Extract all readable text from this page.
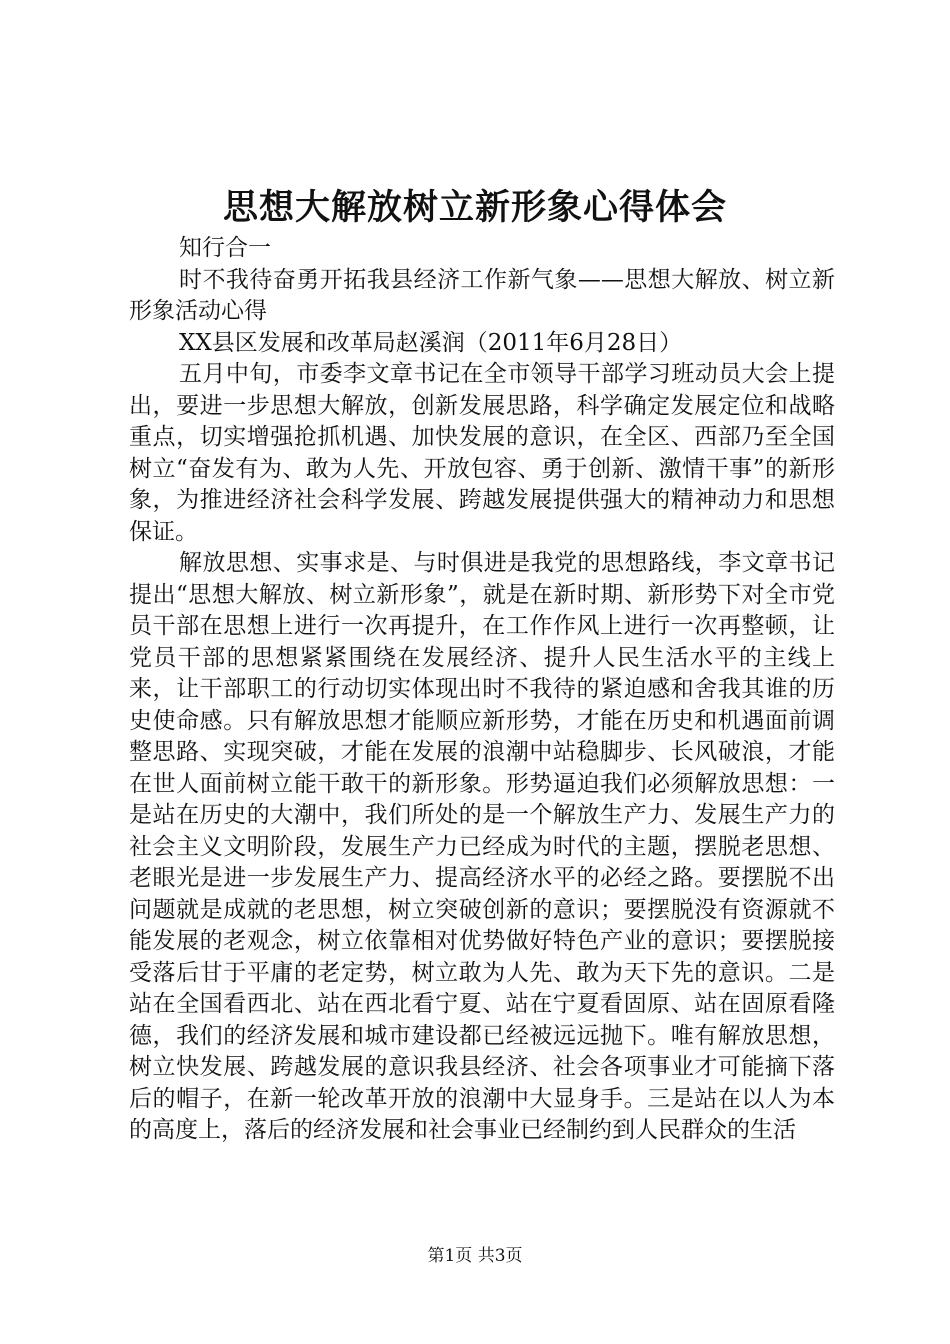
思想大解放树立新形象心得体会

知行合一

时不我待奋勇开拓我县经济工作新气象——思想大解放、树立新形象活动心得

XX县区发展和改革局赵溪润（2011年6月28日）

五月中旬，市委李文章书记在全市领导干部学习班动员大会上提出，要进一步思想大解放，创新发展思路，科学确定发展定位和战略重点，切实增强抢抓机遇、加快发展的意识，在全区、西部乃至全国树立“奋发有为、敢为人先、开放包容、勇于创新、激情干事”的新形象，为推进经济社会科学发展、跨越发展提供强大的精神动力和思想保证。

解放思想、实事求是、与时俱进是我党的思想路线，李文章书记提出“思想大解放、树立新形象”，就是在新时期、新形势下对全市党员干部在思想上进行一次再提升，在工作作风上进行一次再整顿，让党员干部的思想紧紧围绕在发展经济、提升人民生活水平的主线上来，让干部职工的行动切实体现出时不我待的紧迫感和舍我其谁的历史使命感。只有解放思想才能顺应新形势，才能在历史和机遇面前调整思路、实现突破，才能在发展的浪潮中站稳脚步、长风破浪，才能在世人面前树立能干敢干的新形象。形势逼迫我们必须解放思想：一是站在历史的大潮中，我们所处的是一个解放生产力、发展生产力的社会主义文明阶段，发展生产力已经成为时代的主题，摆脱老思想、老眼光是进一步发展生产力、提高经济水平的必经之路。要摆脱不出问题就是成就的老思想，树立突破创新的意识；要摆脱没有资源就不能发展的老观念，树立依靠相对优势做好特色产业的意识；要摆脱接受落后甘于平庸的老定势，树立敢为人先、敢为天下先的意识。二是站在全国看西北、站在西北看宁夏、站在宁夏看固原、站在固原看隆德，我们的经济发展和城市建设都已经被远远抛下。唯有解放思想，树立快发展、跨越发展的意识我县经济、社会各项事业才可能摘下落后的帽子，在新一轮改革开放的浪潮中大显身手。三是站在以人为本的高度上，落后的经济发展和社会事业已经制约到人民群众的生活

第1页 共3页
